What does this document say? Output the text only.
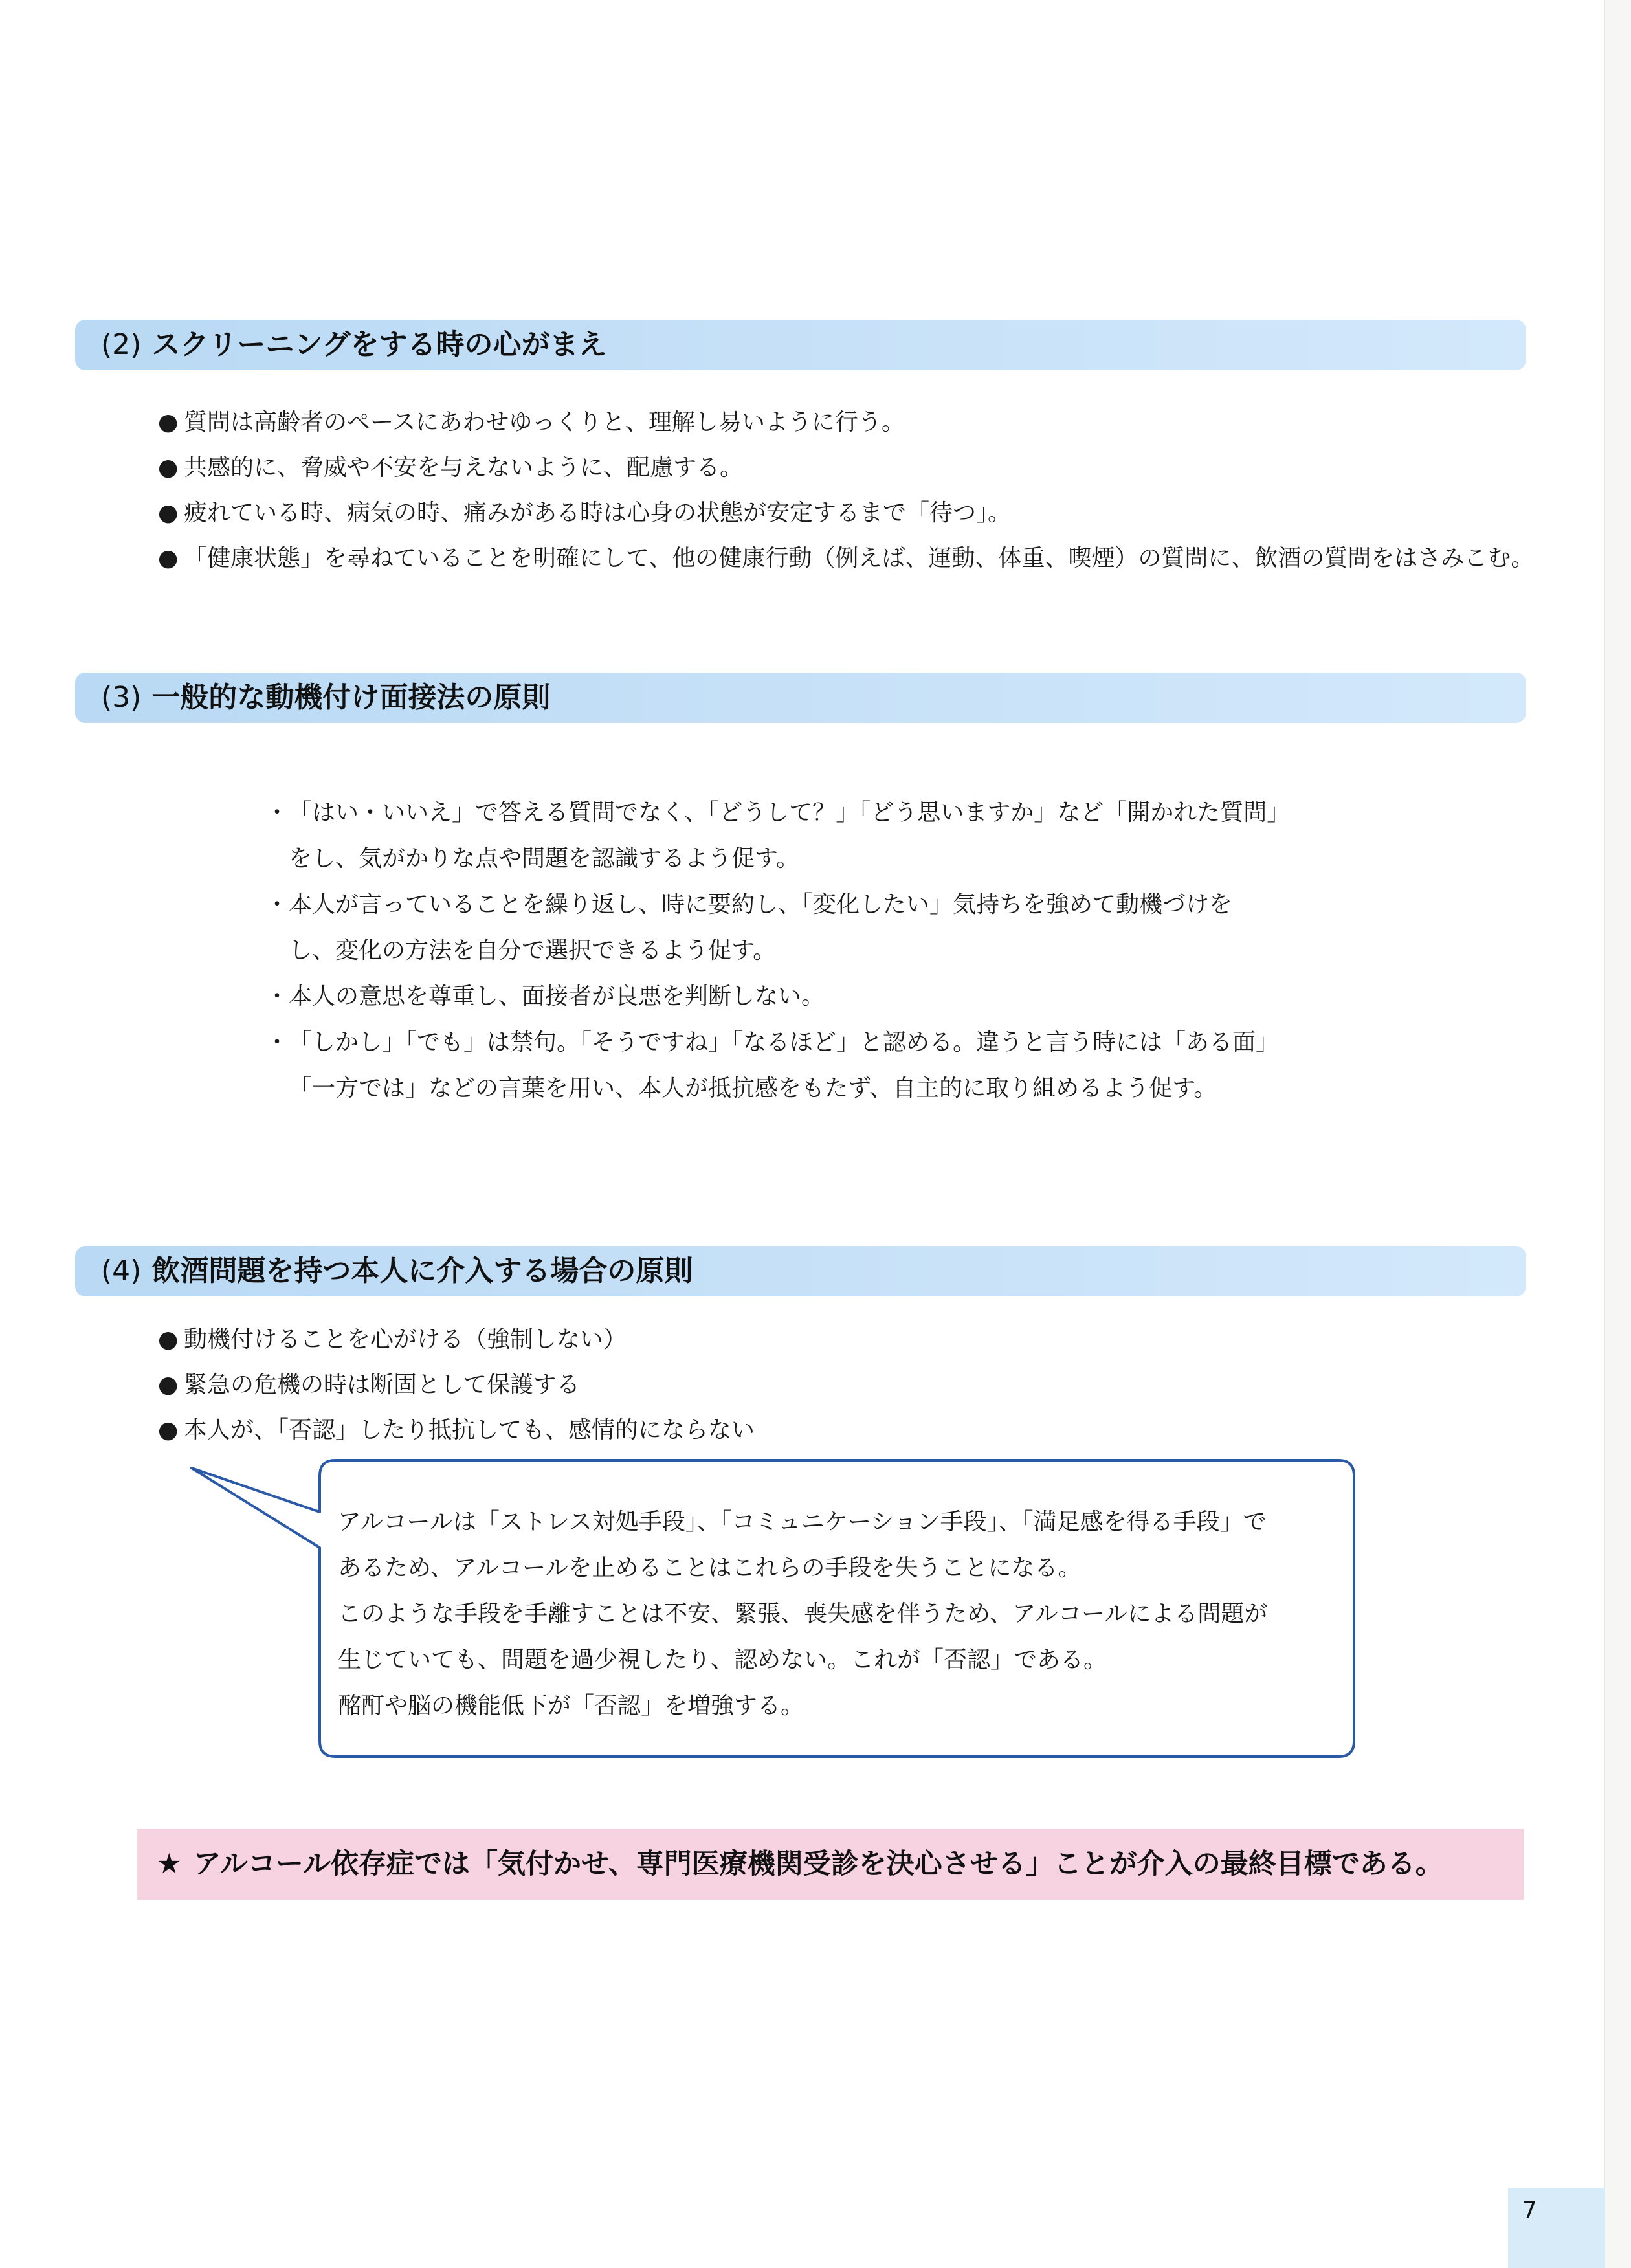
(2) スクリーニングをする時の心がまえ
● 質問は高齢者のペースにあわせゆっくりと、理解し易いように行う。
● 共感的に、脅威や不安を与えないように、配慮する。
● 疲れている時、病気の時、痛みがある時は心身の状態が安定するまで「待つ」。
● 「健康状態」を尋ねていることを明確にして、他の健康行動（例えば、運動、体重、喫煙）の質問に、飲酒の質問をはさみこむ。
(3) 一般的な動機付け面接法の原則
・ 「はい・いいえ」で答える質問でなく、「どうして？」「どう思いますか」など「開かれた質問」
をし、気がかりな点や問題を認識するよう促す。
・ 本人が言っていることを繰り返し、時に要約し、「変化したい」気持ちを強めて動機づけを
し、変化の方法を自分で選択できるよう促す。
・ 本人の意思を尊重し、面接者が良悪を判断しない。
・ 「しかし」「でも」は禁句。「そうですね」「なるほど」と認める。違うと言う時には「ある面」
「一方では」などの言葉を用い、本人が抵抗感をもたず、自主的に取り組めるよう促す。
(4) 飲酒問題を持つ本人に介入する場合の原則
● 動機付けることを心がける（強制しない）
● 緊急の危機の時は断固として保護する
● 本人が、「否認」したり抵抗しても、感情的にならない
アルコールは「ストレス対処手段」、「コミュニケーション手段」、「満足感を得る手段」で
あるため、アルコールを止めることはこれらの手段を失うことになる。
このような手段を手離すことは不安、緊張、喪失感を伴うため、アルコールによる問題が
生じていても、問題を過少視したり、認めない。これが「否認」である。
酩酊や脳の機能低下が「否認」を増強する。
★ アルコール依存症では「気付かせ、専門医療機関受診を決心させる」ことが介入の最終目標である。
7
